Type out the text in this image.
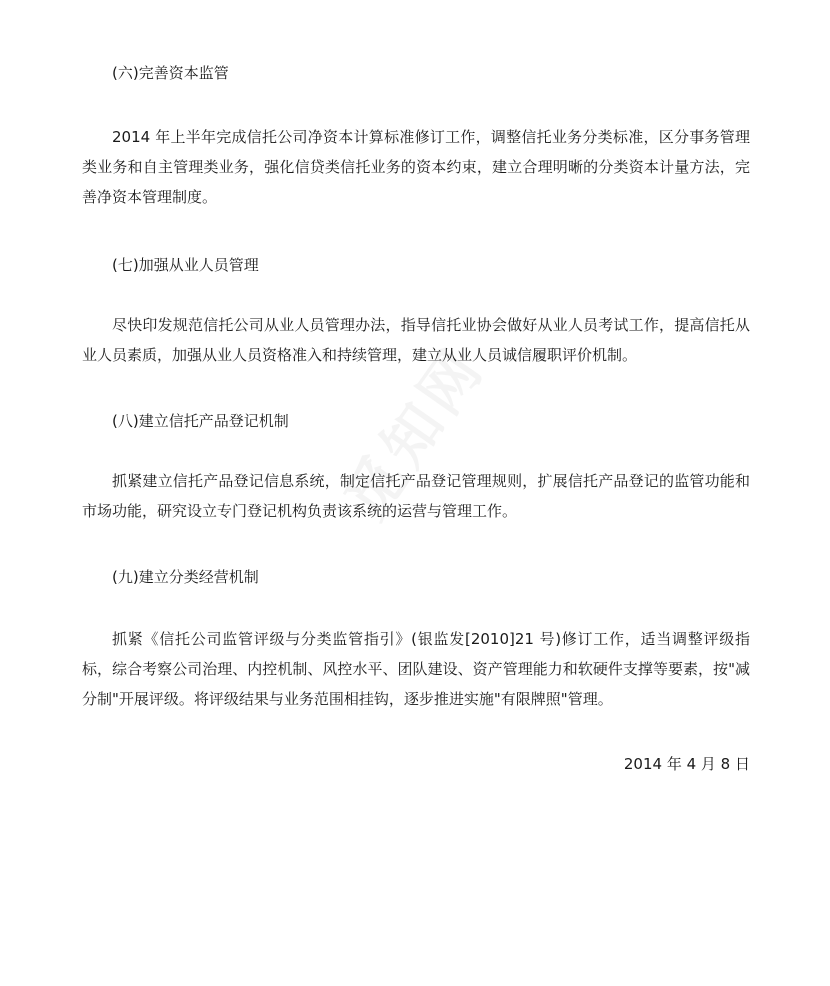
(六)完善资本监管

2014 年上半年完成信托公司净资本计算标准修订工作，调整信托业务分类标准，区分事务管理类业务和自主管理类业务，强化信贷类信托业务的资本约束，建立合理明晰的分类资本计量方法，完善净资本管理制度。

(七)加强从业人员管理

尽快印发规范信托公司从业人员管理办法，指导信托业协会做好从业人员考试工作，提高信托从业人员素质，加强从业人员资格准入和持续管理，建立从业人员诚信履职评价机制。

(八)建立信托产品登记机制

抓紧建立信托产品登记信息系统，制定信托产品登记管理规则，扩展信托产品登记的监管功能和市场功能，研究设立专门登记机构负责该系统的运营与管理工作。

(九)建立分类经营机制

抓紧《信托公司监管评级与分类监管指引》(银监发[2010]21 号)修订工作，适当调整评级指标，综合考察公司治理、内控机制、风控水平、团队建设、资产管理能力和软硬件支撑等要素，按"减分制"开展评级。将评级结果与业务范围相挂钩，逐步推进实施"有限牌照"管理。

2014 年 4 月 8 日
